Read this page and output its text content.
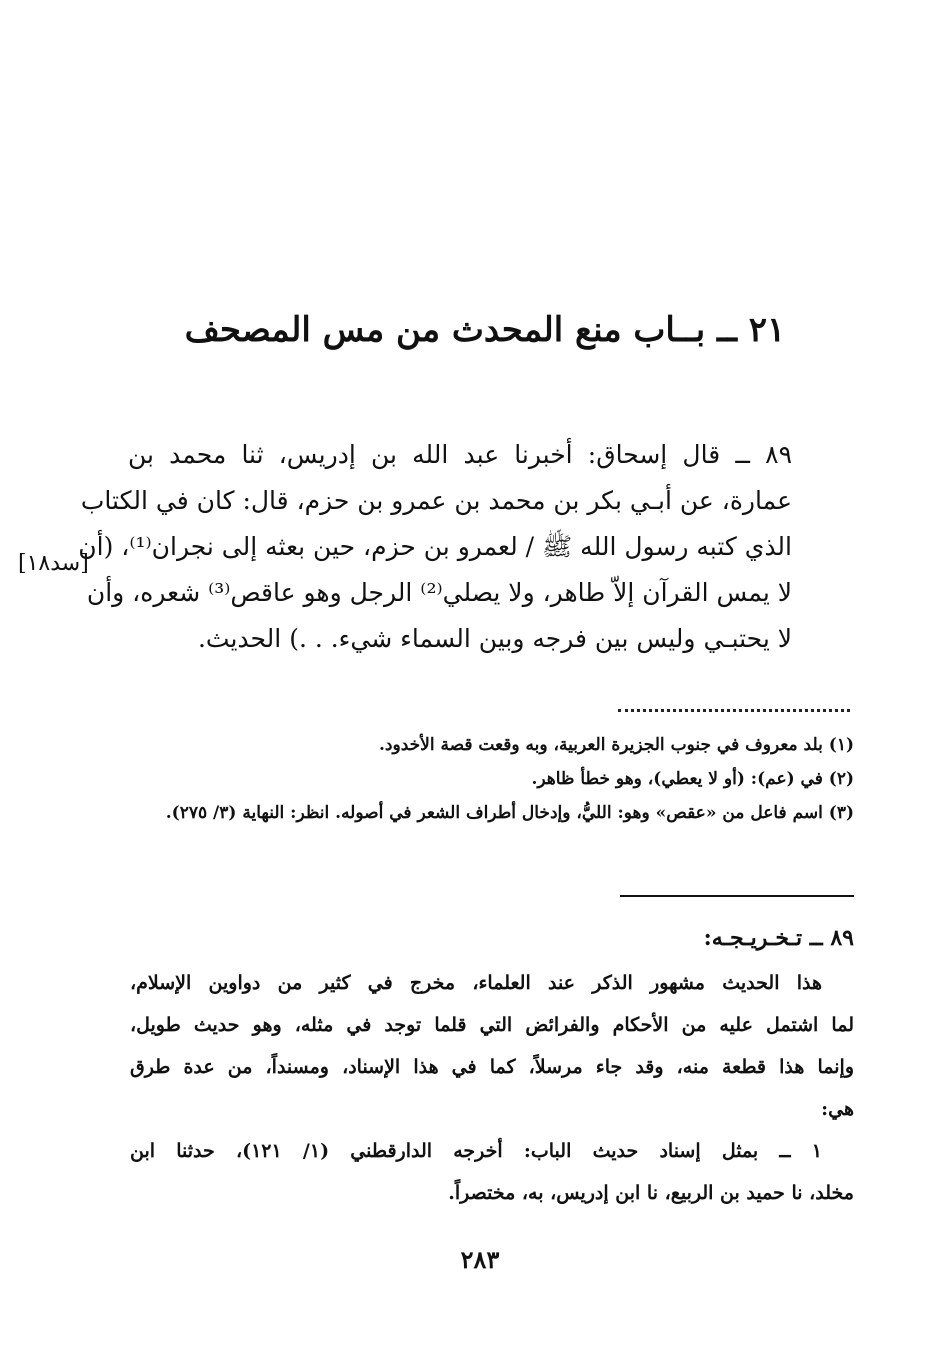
٢١ ــ بــاب منع المحدث من مس المصحف
٨٩ ــ قال إسحاق: أخبرنا عبد الله بن إدريس، ثنا محمد بن
عمارة، عن أبـي بكر بن محمد بن عمرو بن حزم، قال: كان في الكتاب
الذي كتبه رسول الله ﷺ / لعمرو بن حزم، حين بعثه إلى نجران⁽¹⁾، (أن
لا يمس القرآن إلاّ طاهر، ولا يصلي⁽²⁾ الرجل وهو عاقص⁽³⁾ شعره، وأن
لا يحتبـي وليس بين فرجه وبين السماء شيء. . .) الحديث.
[سد١٨]
(١) بلد معروف في جنوب الجزيرة العربية، وبه وقعت قصة الأخدود.
(٢) في (عم): (أو لا يعطي)، وهو خطأ ظاهر.
(٣) اسم فاعل من «عقص» وهو: الليُّ، وإدخال أطراف الشعر في أصوله. انظر: النهاية (٣/ ٢٧٥).
٨٩ ــ تـخـريـجـه:
هذا الحديث مشهور الذكر عند العلماء، مخرج في كثير من دواوين الإسلام،
لما اشتمل عليه من الأحكام والفرائض التي قلما توجد في مثله، وهو حديث طويل،
وإنما هذا قطعة منه، وقد جاء مرسلاً، كما في هذا الإسناد، ومسنداً، من عدة طرق
هي:
١ ــ بمثل إسناد حديث الباب: أخرجه الدارقطني (١/ ١٢١)، حدثنا ابن
مخلد، نا حميد بن الربيع، نا ابن إدريس، به، مختصراً.
٢٨٣
